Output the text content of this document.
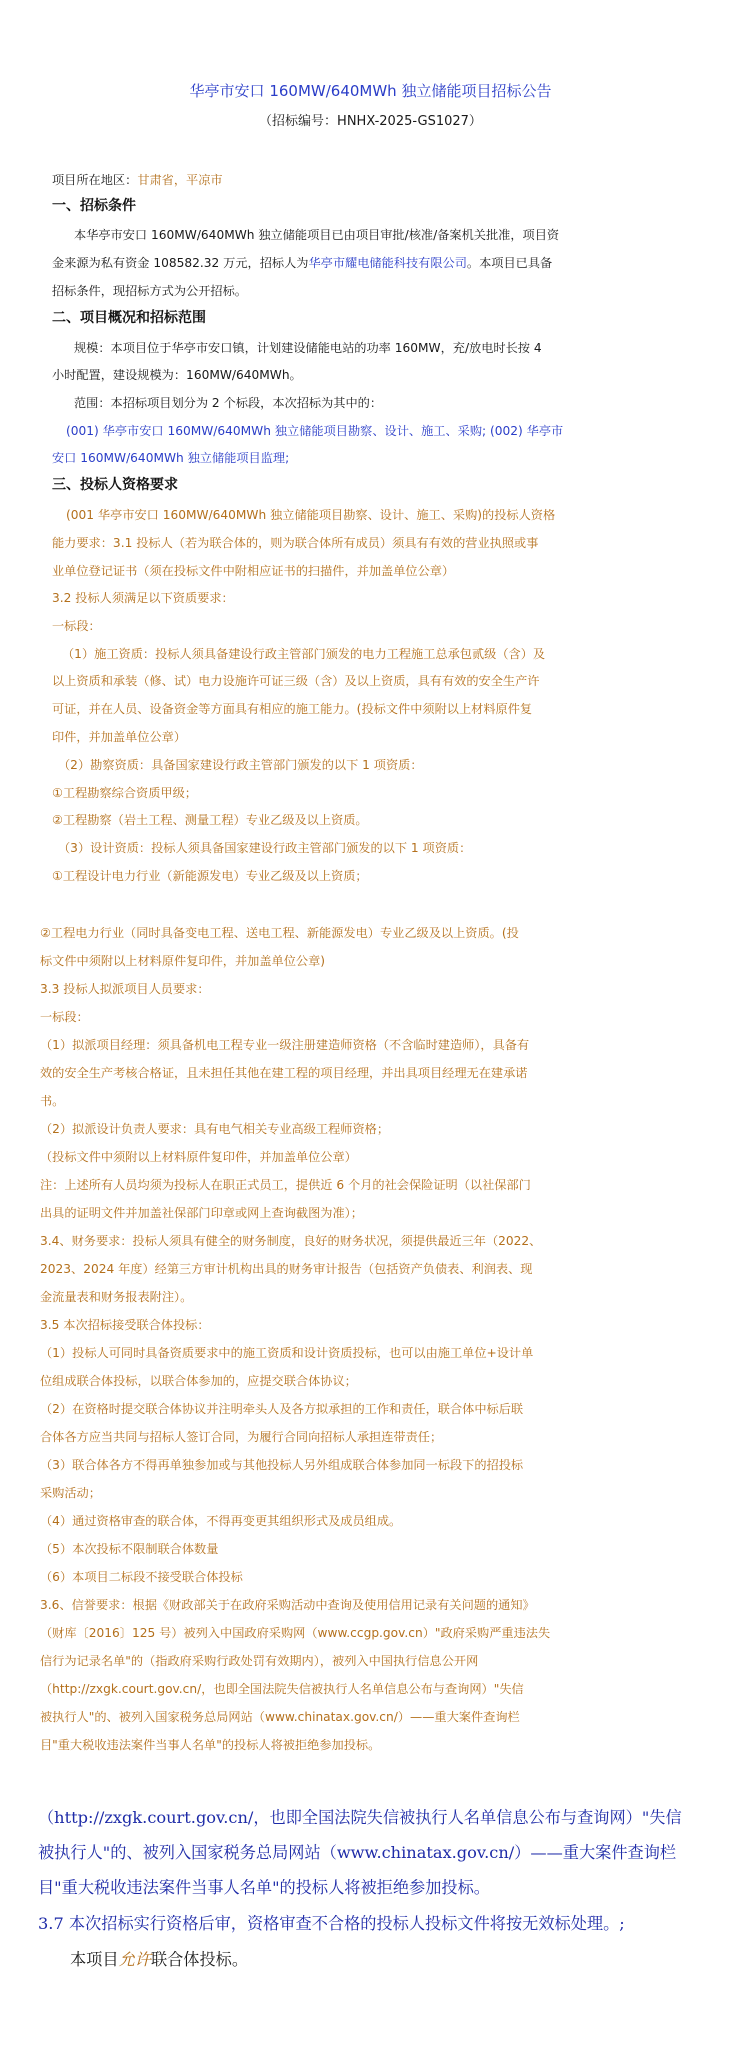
华亭市安口 160MW/640MWh 独立储能项目招标公告
（招标编号：HNHX-2025-GS1027）
项目所在地区：甘肃省，平凉市
一、招标条件
本华亭市安口 160MW/640MWh 独立储能项目已由项目审批/核准/备案机关批准，项目资
金来源为私有资金 108582.32 万元，招标人为华亭市耀电储能科技有限公司。本项目已具备
招标条件，现招标方式为公开招标。
二、项目概况和招标范围
规模：本项目位于华亭市安口镇，计划建设储能电站的功率 160MW，充/放电时长按 4
小时配置，建设规模为：160MW/640MWh。
范围：本招标项目划分为 2 个标段，本次招标为其中的：
(001) 华亭市安口 160MW/640MWh 独立储能项目勘察、设计、施工、采购; (002) 华亭市
安口 160MW/640MWh 独立储能项目监理;
三、投标人资格要求
(001 华亭市安口 160MW/640MWh 独立储能项目勘察、设计、施工、采购)的投标人资格
能力要求：3.1 投标人（若为联合体的，则为联合体所有成员）须具有有效的营业执照或事
业单位登记证书（须在投标文件中附相应证书的扫描件，并加盖单位公章）
3.2 投标人须满足以下资质要求：
一标段：
（1）施工资质：投标人须具备建设行政主管部门颁发的电力工程施工总承包贰级（含）及
以上资质和承装（修、试）电力设施许可证三级（含）及以上资质，具有有效的安全生产许
可证，并在人员、设备资金等方面具有相应的施工能力。(投标文件中须附以上材料原件复
印件，并加盖单位公章）
（2）勘察资质：具备国家建设行政主管部门颁发的以下 1 项资质：
①工程勘察综合资质甲级；
②工程勘察（岩土工程、测量工程）专业乙级及以上资质。
（3）设计资质：投标人须具备国家建设行政主管部门颁发的以下 1 项资质：
①工程设计电力行业（新能源发电）专业乙级及以上资质；
②工程电力行业（同时具备变电工程、送电工程、新能源发电）专业乙级及以上资质。(投
标文件中须附以上材料原件复印件，并加盖单位公章)
3.3 投标人拟派项目人员要求：
一标段：
（1）拟派项目经理：须具备机电工程专业一级注册建造师资格（不含临时建造师），具备有
效的安全生产考核合格证，且未担任其他在建工程的项目经理，并出具项目经理无在建承诺
书。
（2）拟派设计负责人要求：具有电气相关专业高级工程师资格；
（投标文件中须附以上材料原件复印件，并加盖单位公章）
注：上述所有人员均须为投标人在职正式员工，提供近 6 个月的社会保险证明（以社保部门
出具的证明文件并加盖社保部门印章或网上查询截图为准）；
3.4、财务要求：投标人须具有健全的财务制度，良好的财务状况，须提供最近三年（2022、
2023、2024 年度）经第三方审计机构出具的财务审计报告（包括资产负债表、利润表、现
金流量表和财务报表附注）。
3.5 本次招标接受联合体投标：
（1）投标人可同时具备资质要求中的施工资质和设计资质投标，也可以由施工单位+设计单
位组成联合体投标，以联合体参加的，应提交联合体协议；
（2）在资格时提交联合体协议并注明牵头人及各方拟承担的工作和责任，联合体中标后联
合体各方应当共同与招标人签订合同，为履行合同向招标人承担连带责任；
（3）联合体各方不得再单独参加或与其他投标人另外组成联合体参加同一标段下的招投标
采购活动；
（4）通过资格审查的联合体，不得再变更其组织形式及成员组成。
（5）本次投标不限制联合体数量
（6）本项目二标段不接受联合体投标
3.6、信誉要求：根据《财政部关于在政府采购活动中查询及使用信用记录有关问题的通知》
（财库〔2016〕125 号）被列入中国政府采购网（www.ccgp.gov.cn）"政府采购严重违法失
信行为记录名单"的（指政府采购行政处罚有效期内），被列入中国执行信息公开网
（http://zxgk.court.gov.cn/，也即全国法院失信被执行人名单信息公布与查询网）"失信
被执行人"的、被列入国家税务总局网站（www.chinatax.gov.cn/）——重大案件查询栏
目"重大税收违法案件当事人名单"的投标人将被拒绝参加投标。
（http://zxgk.court.gov.cn/，也即全国法院失信被执行人名单信息公布与查询网）"失信
被执行人"的、被列入国家税务总局网站（www.chinatax.gov.cn/）——重大案件查询栏
目"重大税收违法案件当事人名单"的投标人将被拒绝参加投标。
3.7 本次招标实行资格后审，资格审查不合格的投标人投标文件将按无效标处理。;
本项目允许联合体投标。
